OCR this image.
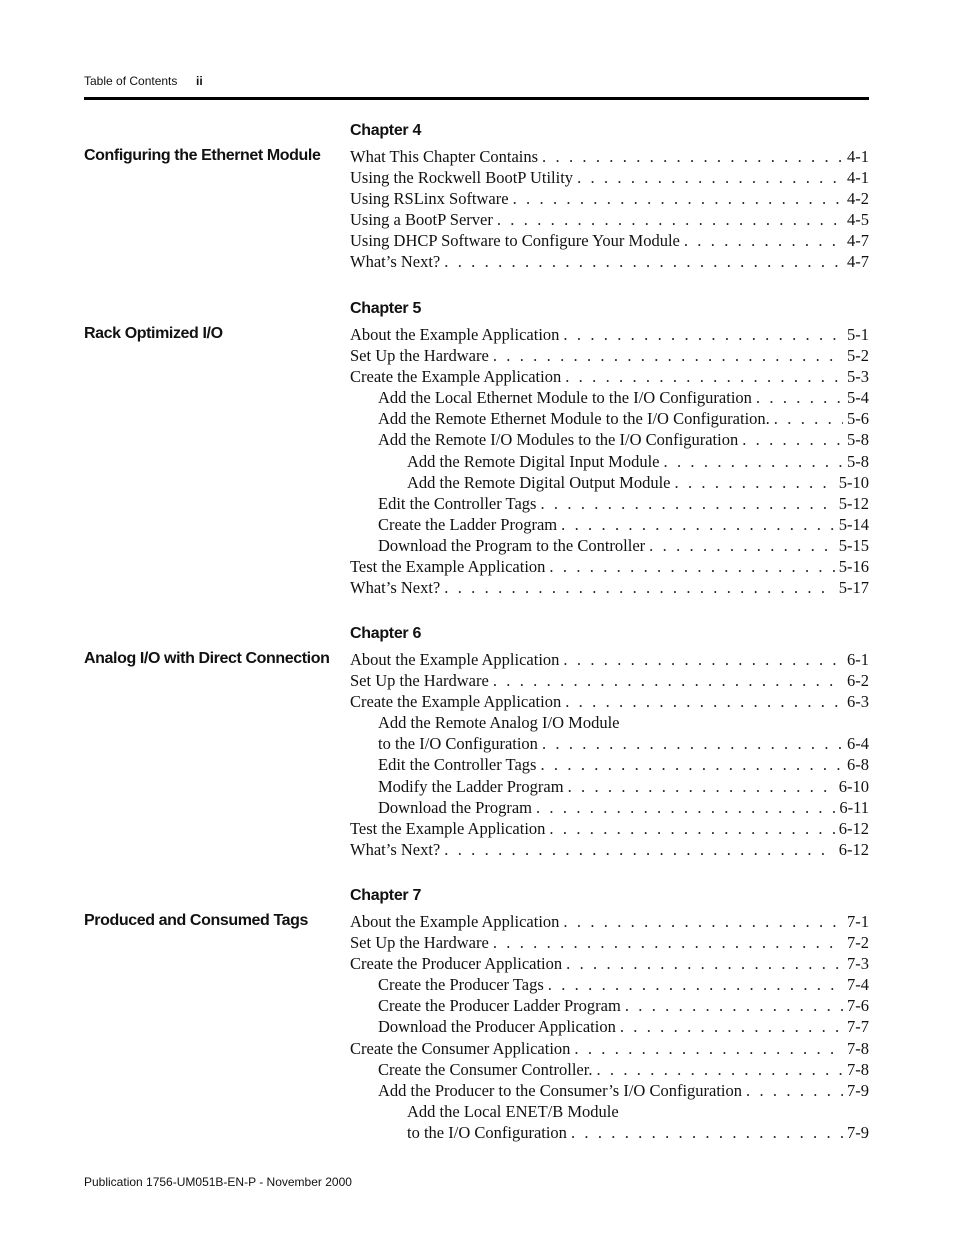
Table of Contents ii
Chapter 4
Configuring the Ethernet Module	What This Chapter Contains . . .	4-1
Using the Rockwell BootP Utility . . .	4-1
Using RSLinx Software . . .	4-2
Using a BootP Server . . .	4-5
Using DHCP Software to Configure Your Module . . .	4-7
What’s Next? . . .	4-7
Chapter 5
Rack Optimized I/O	About the Example Application . . .	5-1
Set Up the Hardware . . .	5-2
Create the Example Application . . .	5-3
Add the Local Ethernet Module to the I/O Configuration . . .	5-4
Add the Remote Ethernet Module to the I/O Configuration. . . .	5-6
Add the Remote I/O Modules to the I/O Configuration . . .	5-8
Add the Remote Digital Input Module . . .	5-8
Add the Remote Digital Output Module . . .	5-10
Edit the Controller Tags . . .	5-12
Create the Ladder Program . . .	5-14
Download the Program to the Controller . . .	5-15
Test the Example Application . . .	5-16
What’s Next? . . .	5-17
Chapter 6
Analog I/O with Direct Connection	About the Example Application . . .	6-1
Set Up the Hardware . . .	6-2
Create the Example Application . . .	6-3
Add the Remote Analog I/O Module
to the I/O Configuration . . .	6-4
Edit the Controller Tags . . .	6-8
Modify the Ladder Program . . .	6-10
Download the Program . . .	6-11
Test the Example Application . . .	6-12
What’s Next? . . .	6-12
Chapter 7
Produced and Consumed Tags	About the Example Application . . .	7-1
Set Up the Hardware . . .	7-2
Create the Producer Application . . .	7-3
Create the Producer Tags . . .	7-4
Create the Producer Ladder Program . . .	7-6
Download the Producer Application . . .	7-7
Create the Consumer Application . . .	7-8
Create the Consumer Controller. . . .	7-8
Add the Producer to the Consumer’s I/O Configuration . . .	7-9
Add the Local ENET/B Module
to the I/O Configuration . . .	7-9
Publication 1756-UM051B-EN-P - November 2000
